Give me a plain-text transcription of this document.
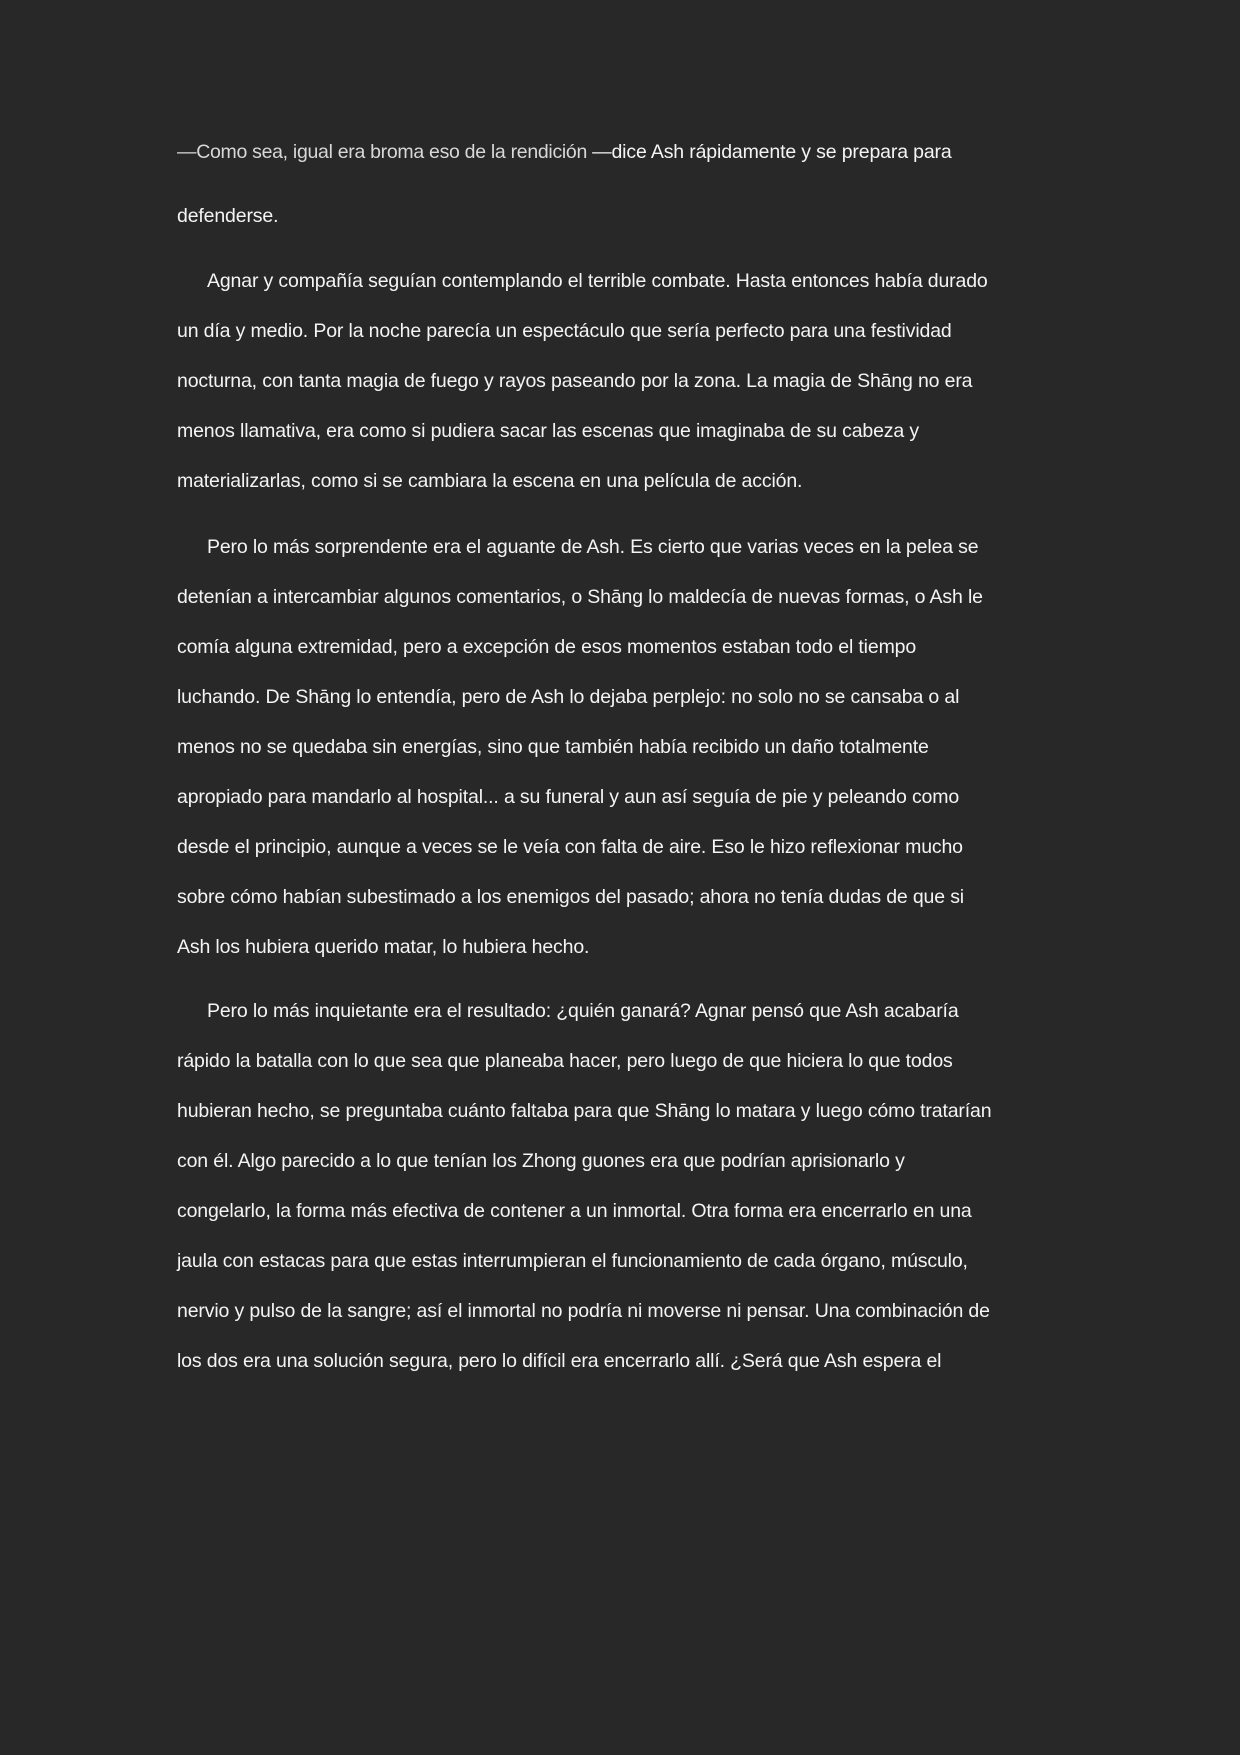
—Como sea, igual era broma eso de la rendición —dice Ash rápidamente y se prepara para
defenderse.
Agnar y compañía seguían contemplando el terrible combate. Hasta entonces había durado
un día y medio. Por la noche parecía un espectáculo que sería perfecto para una festividad
nocturna, con tanta magia de fuego y rayos paseando por la zona. La magia de Shāng no era
menos llamativa, era como si pudiera sacar las escenas que imaginaba de su cabeza y
materializarlas, como si se cambiara la escena en una película de acción.
Pero lo más sorprendente era el aguante de Ash. Es cierto que varias veces en la pelea se
detenían a intercambiar algunos comentarios, o Shāng lo maldecía de nuevas formas, o Ash le
comía alguna extremidad, pero a excepción de esos momentos estaban todo el tiempo
luchando. De Shāng lo entendía, pero de Ash lo dejaba perplejo: no solo no se cansaba o al
menos no se quedaba sin energías, sino que también había recibido un daño totalmente
apropiado para mandarlo al hospital... a su funeral y aun así seguía de pie y peleando como
desde el principio, aunque a veces se le veía con falta de aire. Eso le hizo reflexionar mucho
sobre cómo habían subestimado a los enemigos del pasado; ahora no tenía dudas de que si
Ash los hubiera querido matar, lo hubiera hecho.
Pero lo más inquietante era el resultado: ¿quién ganará? Agnar pensó que Ash acabaría
rápido la batalla con lo que sea que planeaba hacer, pero luego de que hiciera lo que todos
hubieran hecho, se preguntaba cuánto faltaba para que Shāng lo matara y luego cómo tratarían
con él. Algo parecido a lo que tenían los Zhong guones era que podrían aprisionarlo y
congelarlo, la forma más efectiva de contener a un inmortal. Otra forma era encerrarlo en una
jaula con estacas para que estas interrumpieran el funcionamiento de cada órgano, músculo,
nervio y pulso de la sangre; así el inmortal no podría ni moverse ni pensar. Una combinación de
los dos era una solución segura, pero lo difícil era encerrarlo allí. ¿Será que Ash espera el
